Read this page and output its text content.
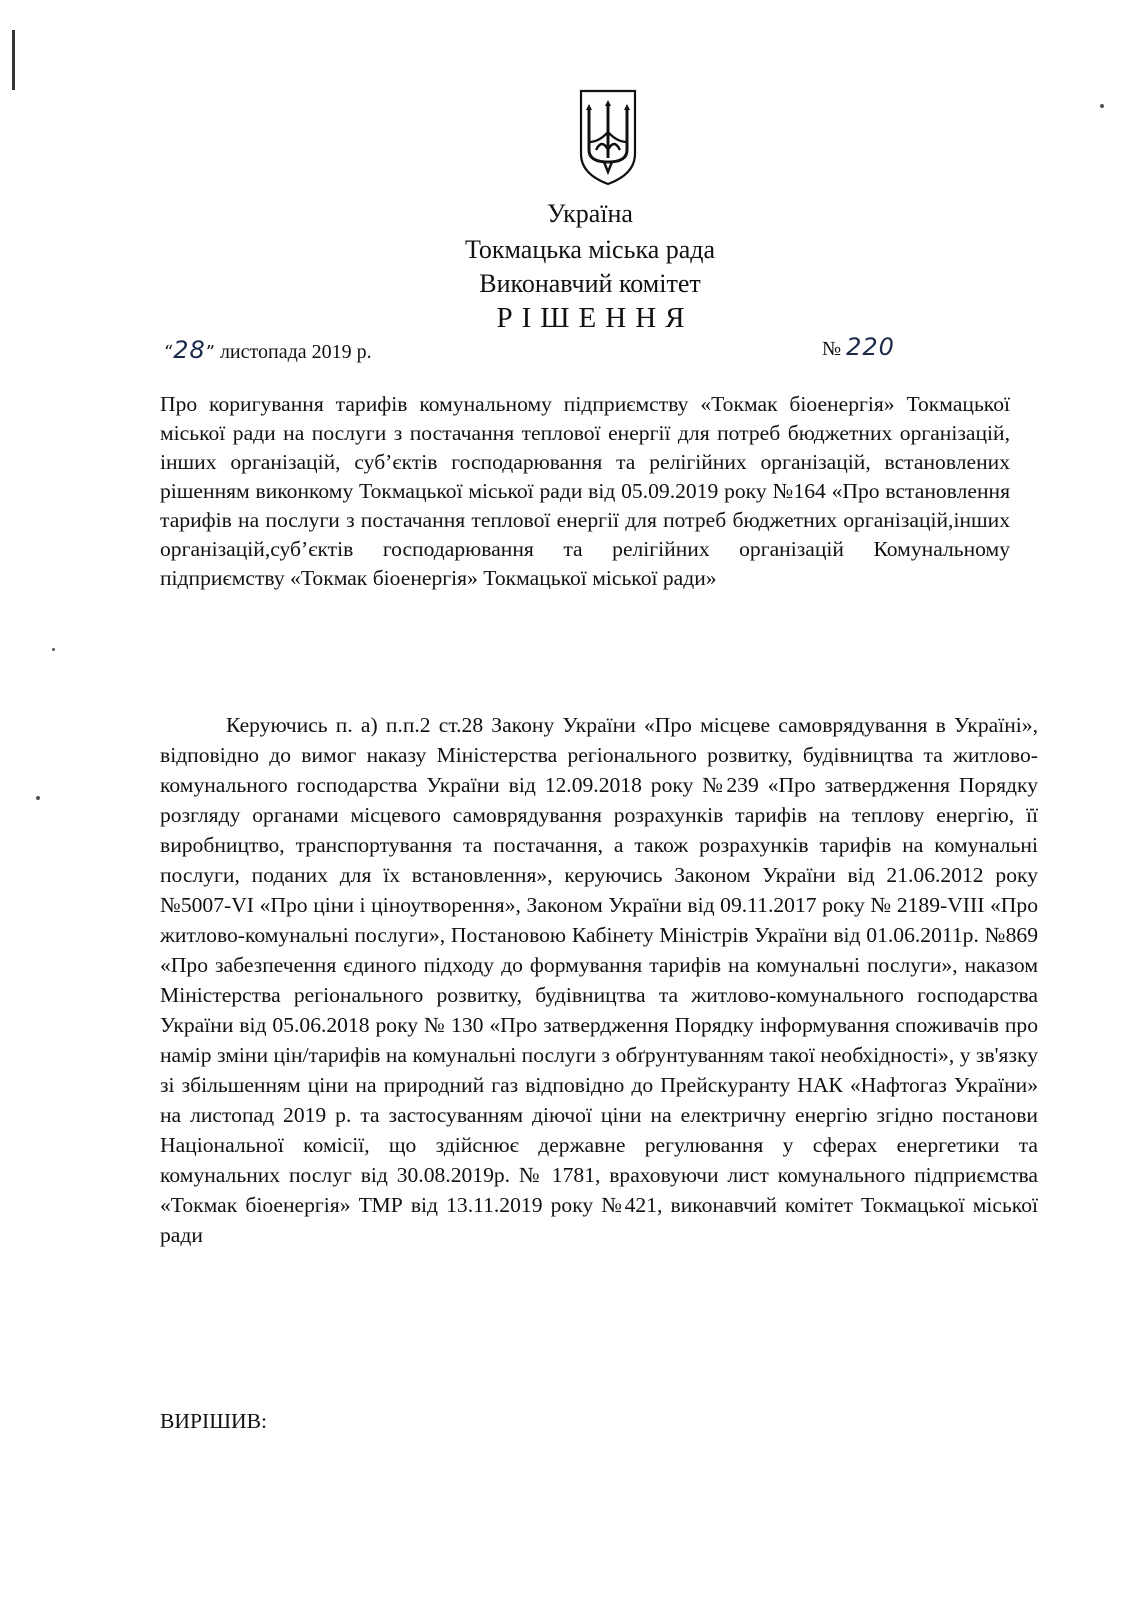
Україна
Токмацька міська рада
Виконавчий комітет
РІШЕННЯ
“28” листопада 2019 р.	№ 220
Про коригування тарифів комунальному підприємству «Токмак біоенергія» Токмацької міської ради на послуги з постачання теплової енергії для потреб бюджетних організацій, інших організацій, суб’єктів господарювання та релігійних організацій, встановлених рішенням виконкому Токмацької міської ради від 05.09.2019 року №164 «Про встановлення тарифів на послуги з постачання теплової енергії для потреб бюджетних організацій,інших організацій,суб’єктів господарювання та релігійних організацій Комунальному підприємству «Токмак біоенергія» Токмацької міської ради»

Керуючись п. а) п.п.2 ст.28 Закону України «Про місцеве самоврядування в Україні», відповідно до вимог наказу Міністерства регіонального розвитку, будівництва та житлово-комунального господарства України від 12.09.2018 року №239 «Про затвердження Порядку розгляду органами місцевого самоврядування розрахунків тарифів на теплову енергію, її виробництво, транспортування та постачання, а також розрахунків тарифів на комунальні послуги, поданих для їх встановлення», керуючись Законом України від 21.06.2012 року №5007-VI «Про ціни і ціноутворення», Законом України від 09.11.2017 року № 2189-VIII «Про житлово-комунальні послуги», Постановою Кабінету Міністрів України від 01.06.2011р. №869 «Про забезпечення єдиного підходу до формування тарифів на комунальні послуги», наказом Міністерства регіонального розвитку, будівництва та житлово-комунального господарства України від 05.06.2018 року № 130 «Про затвердження Порядку інформування споживачів про намір зміни цін/тарифів на комунальні послуги з обґрунтуванням такої необхідності», у зв'язку зі збільшенням ціни на природний газ відповідно до Прейскуранту НАК «Нафтогаз України» на листопад 2019 р. та застосуванням діючої ціни на електричну енергію згідно постанови Національної комісії, що здійснює державне регулювання у сферах енергетики та комунальних послуг від 30.08.2019р. № 1781, враховуючи лист комунального підприємства «Токмак біоенергія» ТМР від 13.11.2019 року №421, виконавчий комітет Токмацької міської ради

ВИРІШИВ:
